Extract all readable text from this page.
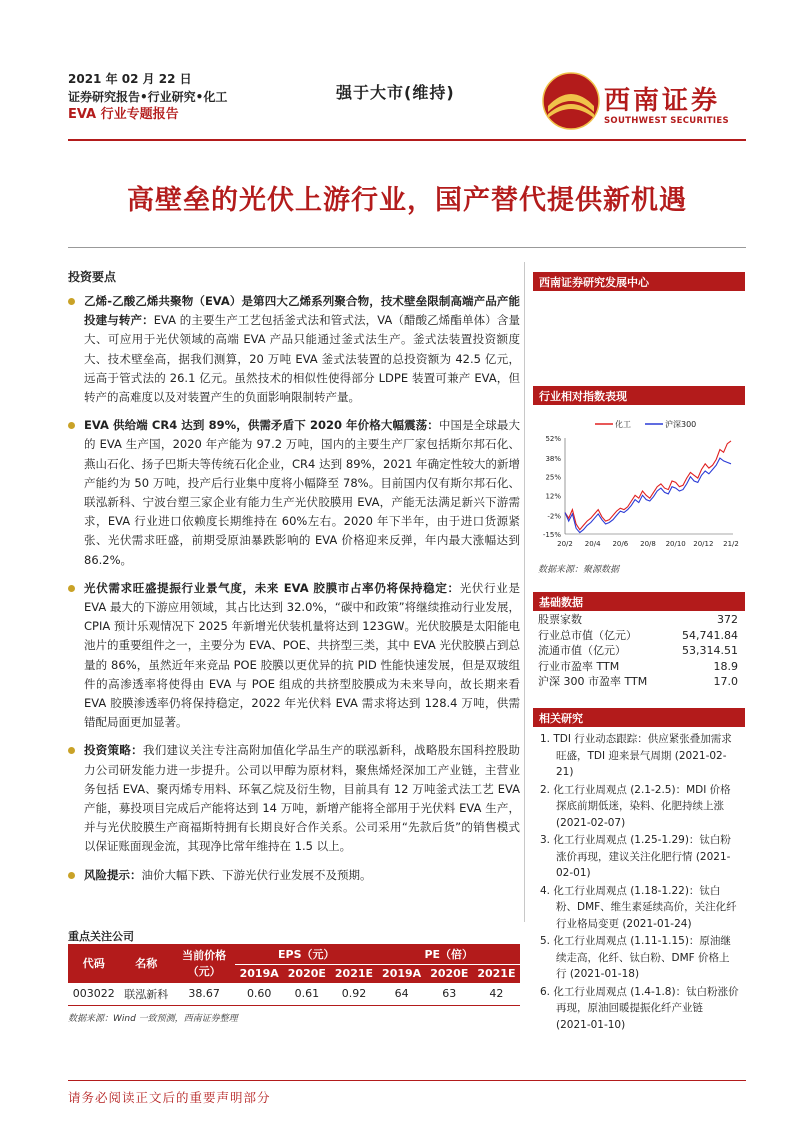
2021 年 02 月 22 日
证券研究报告•行业研究•化工
EVA 行业专题报告
强于大市(维持)	西南证券
SOUTHWEST SECURITIES
高壁垒的光伏上游行业，国产替代提供新机遇
投资要点
乙烯-乙酸乙烯共聚物（EVA）是第四大乙烯系列聚合物，技术壁垒限制高端产品产能投建与转产：EVA 的主要生产工艺包括釜式法和管式法，VA（醋酸乙烯酯单体）含量大、可应用于光伏领域的高端 EVA 产品只能通过釜式法生产。釜式法装置投资额度大、技术壁垒高，据我们测算，20 万吨 EVA 釜式法装置的总投资额为 42.5 亿元，远高于管式法的 26.1 亿元。虽然技术的相似性使得部分 LDPE 装置可兼产 EVA，但转产的高难度以及对装置产生的负面影响限制转产量。
EVA 供给端 CR4 达到 89%，供需矛盾下 2020 年价格大幅震荡：中国是全球最大的 EVA 生产国，2020 年产能为 97.2 万吨，国内的主要生产厂家包括斯尔邦石化、燕山石化、扬子巴斯夫等传统石化企业，CR4 达到 89%，2021 年确定性较大的新增产能约为 50 万吨，投产后行业集中度将小幅降至 78%。目前国内仅有斯尔邦石化、联泓新科、宁波台塑三家企业有能力生产光伏胶膜用 EVA，产能无法满足新兴下游需求，EVA 行业进口依赖度长期维持在 60%左右。2020 年下半年，由于进口货源紧张、光伏需求旺盛，前期受原油暴跌影响的 EVA 价格迎来反弹，年内最大涨幅达到 86.2%。
光伏需求旺盛提振行业景气度，未来 EVA 胶膜市占率仍将保持稳定：光伏行业是 EVA 最大的下游应用领域，其占比达到 32.0%，“碳中和政策”将继续推动行业发展，CPIA 预计乐观情况下 2025 年新增光伏装机量将达到 123GW。光伏胶膜是太阳能电池片的重要组件之一，主要分为 EVA、POE、共挤型三类，其中 EVA 光伏胶膜占到总量的 86%，虽然近年来竞品 POE 胶膜以更优异的抗 PID 性能快速发展，但是双玻组件的高渗透率将使得由 EVA 与 POE 组成的共挤型胶膜成为未来导向，故长期来看 EVA 胶膜渗透率仍将保持稳定，2022 年光伏料 EVA 需求将达到 128.4 万吨，供需错配局面更加显著。
投资策略：我们建议关注专注高附加值化学品生产的联泓新科，战略股东国科控股助力公司研发能力进一步提升。公司以甲醇为原材料，聚焦烯烃深加工产业链，主营业务包括 EVA、聚丙烯专用料、环氧乙烷及衍生物，目前具有 12 万吨釜式法工艺 EVA 产能，募投项目完成后产能将达到 14 万吨，新增产能将全部用于光伏料 EVA 生产，并与光伏胶膜生产商福斯特拥有长期良好合作关系。公司采用“先款后货”的销售模式以保证账面现金流，其现净比常年维持在 1.5 以上。
风险提示：油价大幅下跌、下游光伏行业发展不及预期。
重点关注公司
代码	名称	当前价格（元）	EPS（元）			PE（倍）		
			2019A	2020E	2021E	2019A	2020E	2021E
003022	联泓新科	38.67	0.60	0.61	0.92	64	63	42
数据来源：Wind 一致预测，西南证券整理
西南证券研究发展中心
行业相对指数表现
化工	沪深300
52%
38%
25%
12%
-2%
-15%
20/2 20/4 20/6 20/8 20/10 20/12 21/2
数据来源：聚源数据
基础数据
股票家数	372
行业总市值（亿元）	54,741.84
流通市值（亿元）	53,314.51
行业市盈率 TTM	18.9
沪深 300 市盈率 TTM	17.0
相关研究
1. TDI 行业动态跟踪：供应紧张叠加需求旺盛，TDI 迎来景气周期 (2021-02-21)
2. 化工行业周观点 (2.1-2.5)：MDI 价格探底前期低迷，染料、化肥持续上涨 (2021-02-07)
3. 化工行业周观点 (1.25-1.29)：钛白粉涨价再现，建议关注化肥行情 (2021-02-01)
4. 化工行业周观点 (1.18-1.22)：钛白粉、DMF、维生素延续高价，关注化纤行业格局变更 (2021-01-24)
5. 化工行业周观点 (1.11-1.15)：原油继续走高，化纤、钛白粉、DMF 价格上行 (2021-01-18)
6. 化工行业周观点 (1.4-1.8)：钛白粉涨价再现，原油回暖提振化纤产业链 (2021-01-10)
请务必阅读正文后的重要声明部分
